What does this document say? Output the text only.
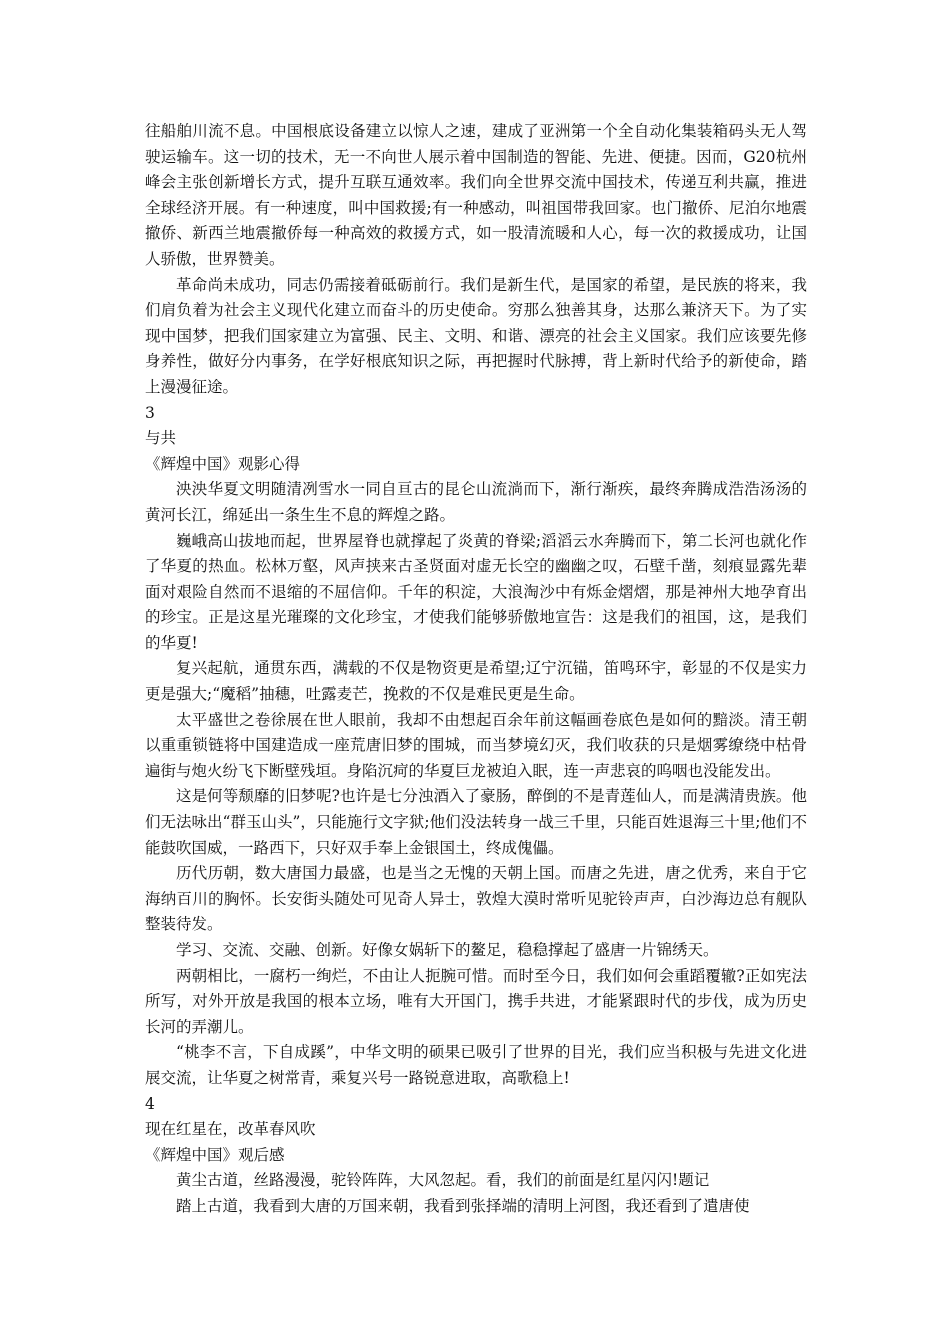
往船舶川流不息。中国根底设备建立以惊人之速，建成了亚洲第一个全自动化集装箱码头无人驾驶运输车。这一切的技术，无一不向世人展示着中国制造的智能、先进、便捷。因而，G20杭州峰会主张创新增长方式，提升互联互通效率。我们向全世界交流中国技术，传递互利共赢，推进全球经济开展。有一种速度，叫中国救援;有一种感动，叫祖国带我回家。也门撤侨、尼泊尔地震撤侨、新西兰地震撤侨每一种高效的救援方式，如一股清流暖和人心，每一次的救援成功，让国人骄傲，世界赞美。

革命尚未成功，同志仍需接着砥砺前行。我们是新生代，是国家的希望，是民族的将来，我们肩负着为社会主义现代化建立而奋斗的历史使命。穷那么独善其身，达那么兼济天下。为了实现中国梦，把我们国家建立为富强、民主、文明、和谐、漂亮的社会主义国家。我们应该要先修身养性，做好分内事务，在学好根底知识之际，再把握时代脉搏，背上新时代给予的新使命，踏上漫漫征途。

3

与共

《辉煌中国》观影心得

泱泱华夏文明随清冽雪水一同自亘古的昆仑山流淌而下，渐行渐疾，最终奔腾成浩浩汤汤的黄河长江，绵延出一条生生不息的辉煌之路。

巍峨高山拔地而起，世界屋脊也就撑起了炎黄的脊梁;滔滔云水奔腾而下，第二长河也就化作了华夏的热血。松林万壑，风声挟来古圣贤面对虚无长空的幽幽之叹，石壁千凿，刻痕显露先辈面对艰险自然而不退缩的不屈信仰。千年的积淀，大浪淘沙中有烁金熠熠，那是神州大地孕育出的珍宝。正是这星光璀璨的文化珍宝，才使我们能够骄傲地宣告：这是我们的祖国，这，是我们的华夏!

复兴起航，通贯东西，满载的不仅是物资更是希望;辽宁沉锚，笛鸣环宇，彰显的不仅是实力更是强大;“魔稻”抽穗，吐露麦芒，挽救的不仅是难民更是生命。

太平盛世之卷徐展在世人眼前，我却不由想起百余年前这幅画卷底色是如何的黯淡。清王朝以重重锁链将中国建造成一座荒唐旧梦的围城，而当梦境幻灭，我们收获的只是烟雾缭绕中枯骨遍街与炮火纷飞下断壁残垣。身陷沉疴的华夏巨龙被迫入眠，连一声悲哀的呜咽也没能发出。

这是何等颓靡的旧梦呢?也许是七分浊酒入了豪肠，醉倒的不是青莲仙人，而是满清贵族。他们无法咏出“群玉山头”，只能施行文字狱;他们没法转身一战三千里，只能百姓退海三十里;他们不能鼓吹国威，一路西下，只好双手奉上金银国土，终成傀儡。

历代历朝，数大唐国力最盛，也是当之无愧的天朝上国。而唐之先进，唐之优秀，来自于它海纳百川的胸怀。长安街头随处可见奇人异士，敦煌大漠时常听见驼铃声声，白沙海边总有舰队整装待发。

学习、交流、交融、创新。好像女娲斩下的鳌足，稳稳撑起了盛唐一片锦绣天。

两朝相比，一腐朽一绚烂，不由让人扼腕可惜。而时至今日，我们如何会重蹈覆辙?正如宪法所写，对外开放是我国的根本立场，唯有大开国门，携手共进，才能紧跟时代的步伐，成为历史长河的弄潮儿。

“桃李不言，下自成蹊”，中华文明的硕果已吸引了世界的目光，我们应当积极与先进文化进展交流，让华夏之树常青，乘复兴号一路锐意进取，高歌稳上!

4

现在红星在，改革春风吹

《辉煌中国》观后感

黄尘古道，丝路漫漫，驼铃阵阵，大风忽起。看，我们的前面是红星闪闪!题记

踏上古道，我看到大唐的万国来朝，我看到张择端的清明上河图，我还看到了遣唐使
